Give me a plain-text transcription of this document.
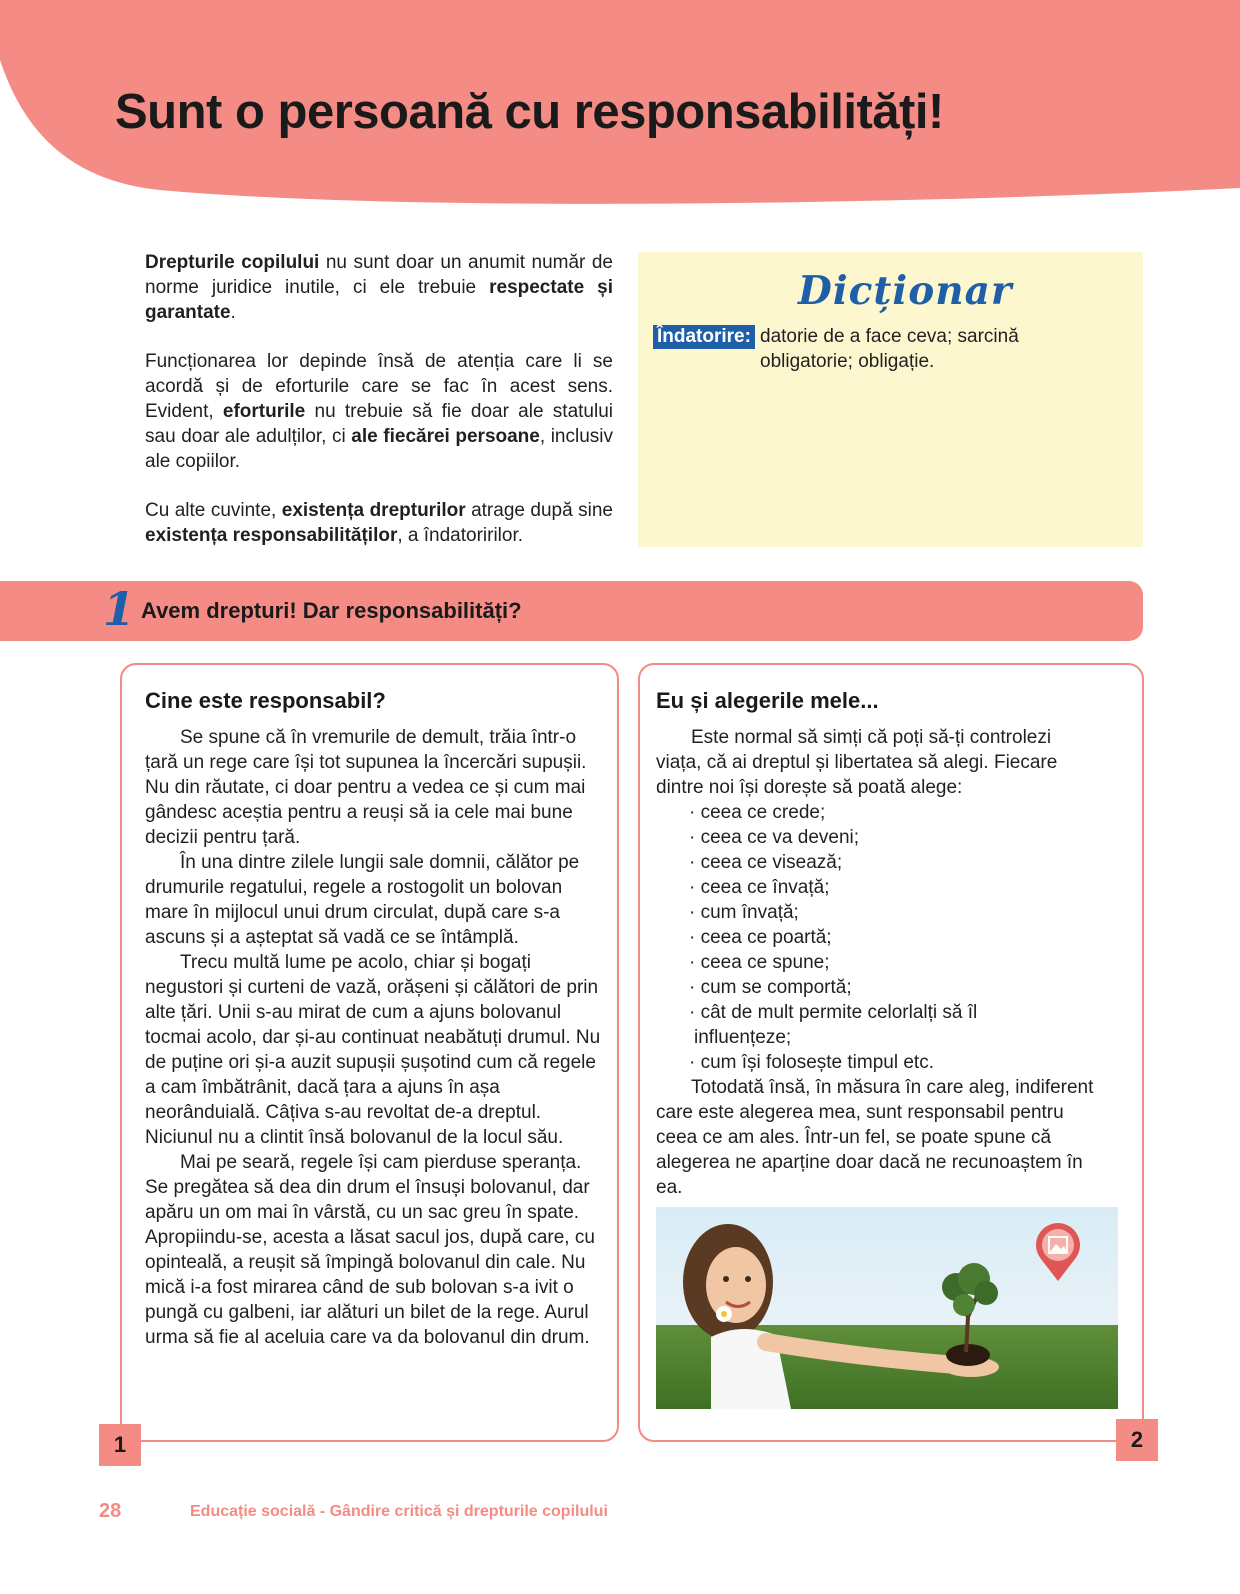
Sunt o persoană cu responsabilități!

Drepturile copilului nu sunt doar un anumit număr de norme juridice inutile, ci ele trebuie respectate și garantate.

Funcționarea lor depinde însă de atenția care li se acordă și de eforturile care se fac în acest sens. Evident, eforturile nu trebuie să fie doar ale statului sau doar ale adulților, ci ale fiecărei persoane, inclusiv ale copiilor.

Cu alte cuvinte, existența drepturilor atrage după sine existența responsabilităților, a îndatoririlor.

Dicționar
Îndatorire: datorie de a face ceva; sarcină obligatorie; obligație.
1 Avem drepturi! Dar responsabilități?
Cine este responsabil?

Se spune că în vremurile de demult, trăia într-o țară un rege care își tot supunea la încercări supușii. Nu din răutate, ci doar pentru a vedea ce și cum mai gândesc aceștia pentru a reuși să ia cele mai bune decizii pentru țară.

În una dintre zilele lungii sale domnii, călător pe drumurile regatului, regele a rostogolit un bolovan mare în mijlocul unui drum circulat, după care s-a ascuns și a așteptat să vadă ce se întâmplă.

Trecu multă lume pe acolo, chiar și bogați negustori și curteni de vază, orășeni și călători de prin alte țări. Unii s-au mirat de cum a ajuns bolovanul tocmai acolo, dar și-au continuat neabătuți drumul. Nu de puține ori și-a auzit supușii șușotind cum că regele a cam îmbătrânit, dacă țara a ajuns în așa neorânduială. Câțiva s-au revoltat de-a dreptul. Niciunul nu a clintit însă bolovanul de la locul său.

Mai pe seară, regele își cam pierduse speranța. Se pregătea să dea din drum el însuși bolovanul, dar apăru un om mai în vârstă, cu un sac greu în spate. Apropiindu-se, acesta a lăsat sacul jos, după care, cu opinteală, a reușit să împingă bolovanul din cale. Nu mică i-a fost mirarea când de sub bolovan s-a ivit o pungă cu galbeni, iar alături un bilet de la rege. Aurul urma să fie al aceluia care va da bolovanul din drum.

Eu și alegerile mele...

Este normal să simți că poți să-ți controlezi viața, că ai dreptul și libertatea să alegi. Fiecare dintre noi își dorește să poată alege:

· ceea ce crede;
· ceea ce va deveni;
· ceea ce visează;
· ceea ce învață;
· cum învață;
· ceea ce poartă;
· ceea ce spune;
· cum se comportă;
· cât de mult permite celorlalți să îl
influențeze;
· cum își folosește timpul etc.

Totodată însă, în măsura în care aleg, indiferent care este alegerea mea, sunt responsabil pentru ceea ce am ales. Într-un fel, se poate spune că alegerea ne aparține doar dacă ne recunoaștem în ea.

1	2
28	Educație socială - Gândire critică și drepturile copilului
